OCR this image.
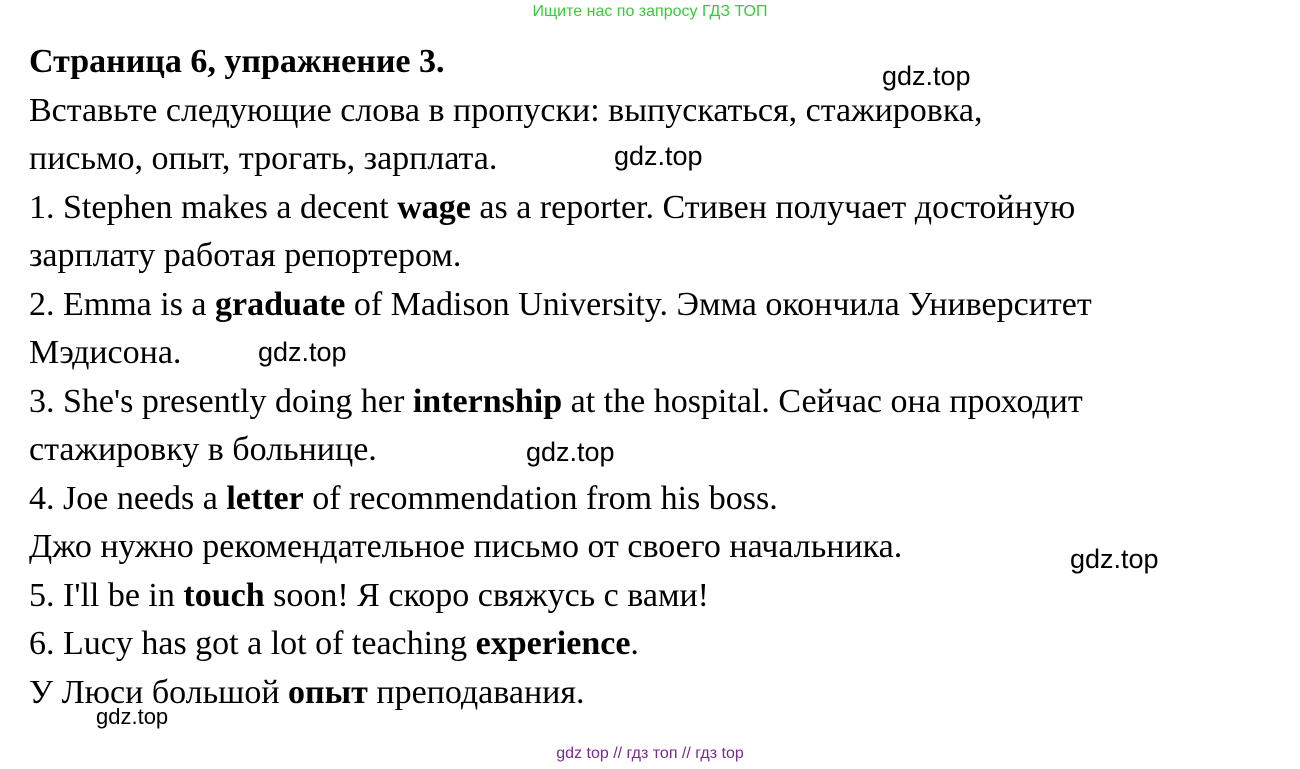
Ищите нас по запросу ГДЗ ТОП
Страница 6, упражнение 3.
Вставьте следующие слова в пропуски: выпускаться, стажировка,
письмо, опыт, трогать, зарплата.
1. Stephen makes a decent wage as a reporter. Стивен получает достойную
зарплату работая репортером.
2. Emma is a graduate of Madison University. Эмма окончила Университет
Мэдисона.
3. She's presently doing her internship at the hospital. Сейчас она проходит
стажировку в больнице.
4. Joe needs a letter of recommendation from his boss.
Джо нужно рекомендательное письмо от своего начальника.
5. I'll be in touch soon! Я скоро свяжусь с вами!
6. Lucy has got a lot of teaching experience.
У Люси большой опыт преподавания.
gdz.top
gdz.top
gdz.top
gdz.top
gdz.top
gdz.top
gdz top // гдз топ // гдз top
